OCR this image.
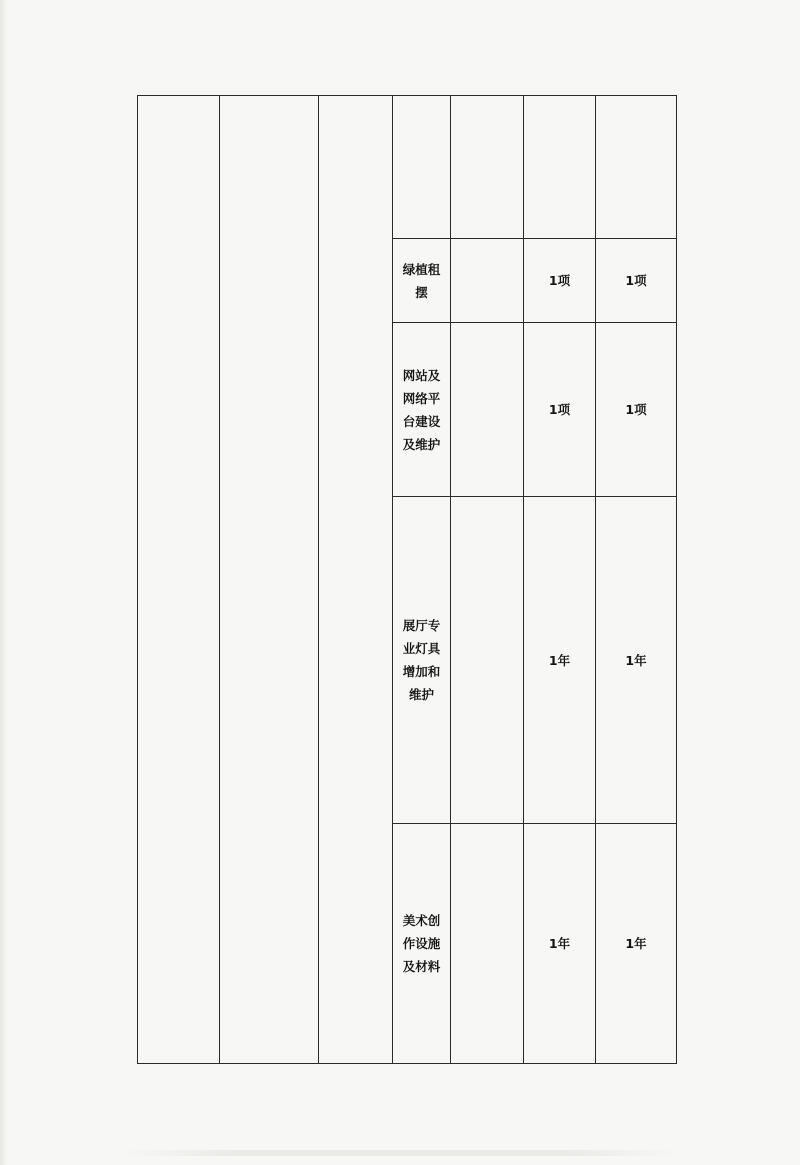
			绿植租摆		1项	1项	

			网站及网络平台建设及维护		1项	1项	

			展厅专业灯具增加和维护		1年	1年	

			美术创作设施及材料		1年	1年	
